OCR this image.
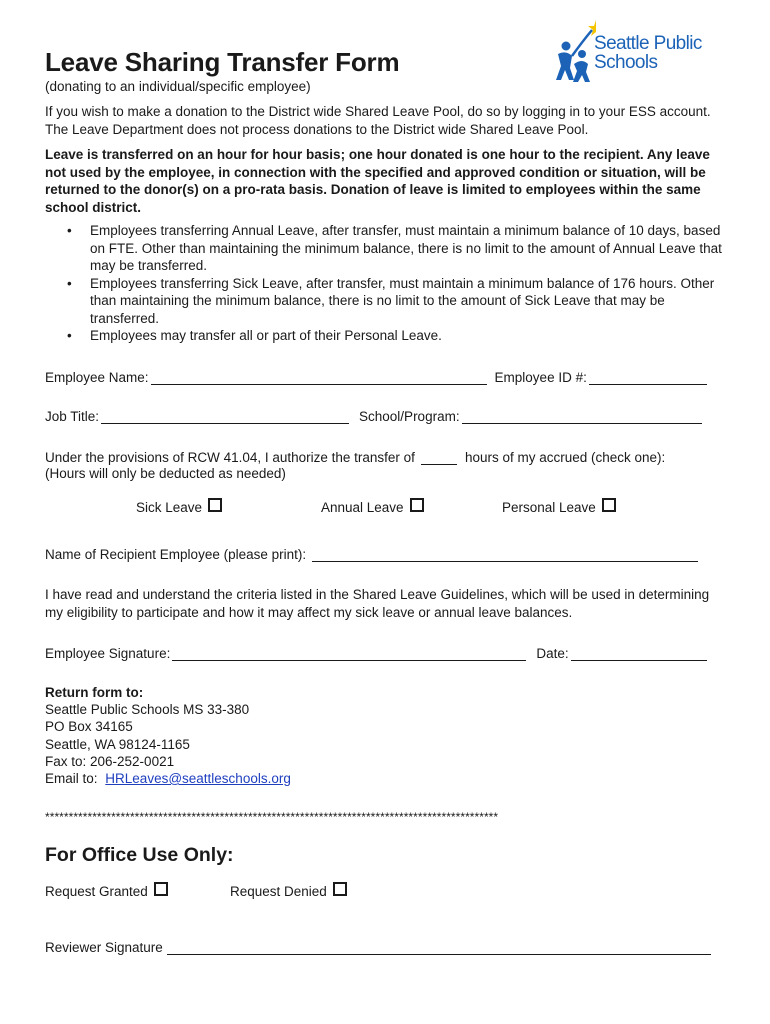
Seattle Public
Schools
Leave Sharing Transfer Form
(donating to an individual/specific employee)
If you wish to make a donation to the District wide Shared Leave Pool, do so by logging in to your ESS account. The Leave Department does not process donations to the District wide Shared Leave Pool.
Leave is transferred on an hour for hour basis; one hour donated is one hour to the recipient. Any leave not used by the employee, in connection with the specified and approved condition or situation, will be returned to the donor(s) on a pro-rata basis. Donation of leave is limited to employees within the same school district.
• Employees transferring Annual Leave, after transfer, must maintain a minimum balance of 10 days, based on FTE. Other than maintaining the minimum balance, there is no limit to the amount of Annual Leave that may be transferred.
• Employees transferring Sick Leave, after transfer, must maintain a minimum balance of 176 hours. Other than maintaining the minimum balance, there is no limit to the amount of Sick Leave that may be transferred.
• Employees may transfer all or part of their Personal Leave.
Employee Name:	Employee ID #:
Job Title:	School/Program:
Under the provisions of RCW 41.04, I authorize the transfer of	hours of my accrued (check one):
(Hours will only be deducted as needed)
Sick Leave	Annual Leave	Personal Leave
Name of Recipient Employee (please print):
I have read and understand the criteria listed in the Shared Leave Guidelines, which will be used in determining my eligibility to participate and how it may affect my sick leave or annual leave balances.
Employee Signature:	Date:
Return form to:
Seattle Public Schools MS 33-380
PO Box 34165
Seattle, WA 98124-1165
Fax to: 206-252-0021
Email to: HRLeaves@seattleschools.org
************************************************************************************************
For Office Use Only:
Request Granted	Request Denied
Reviewer Signature
